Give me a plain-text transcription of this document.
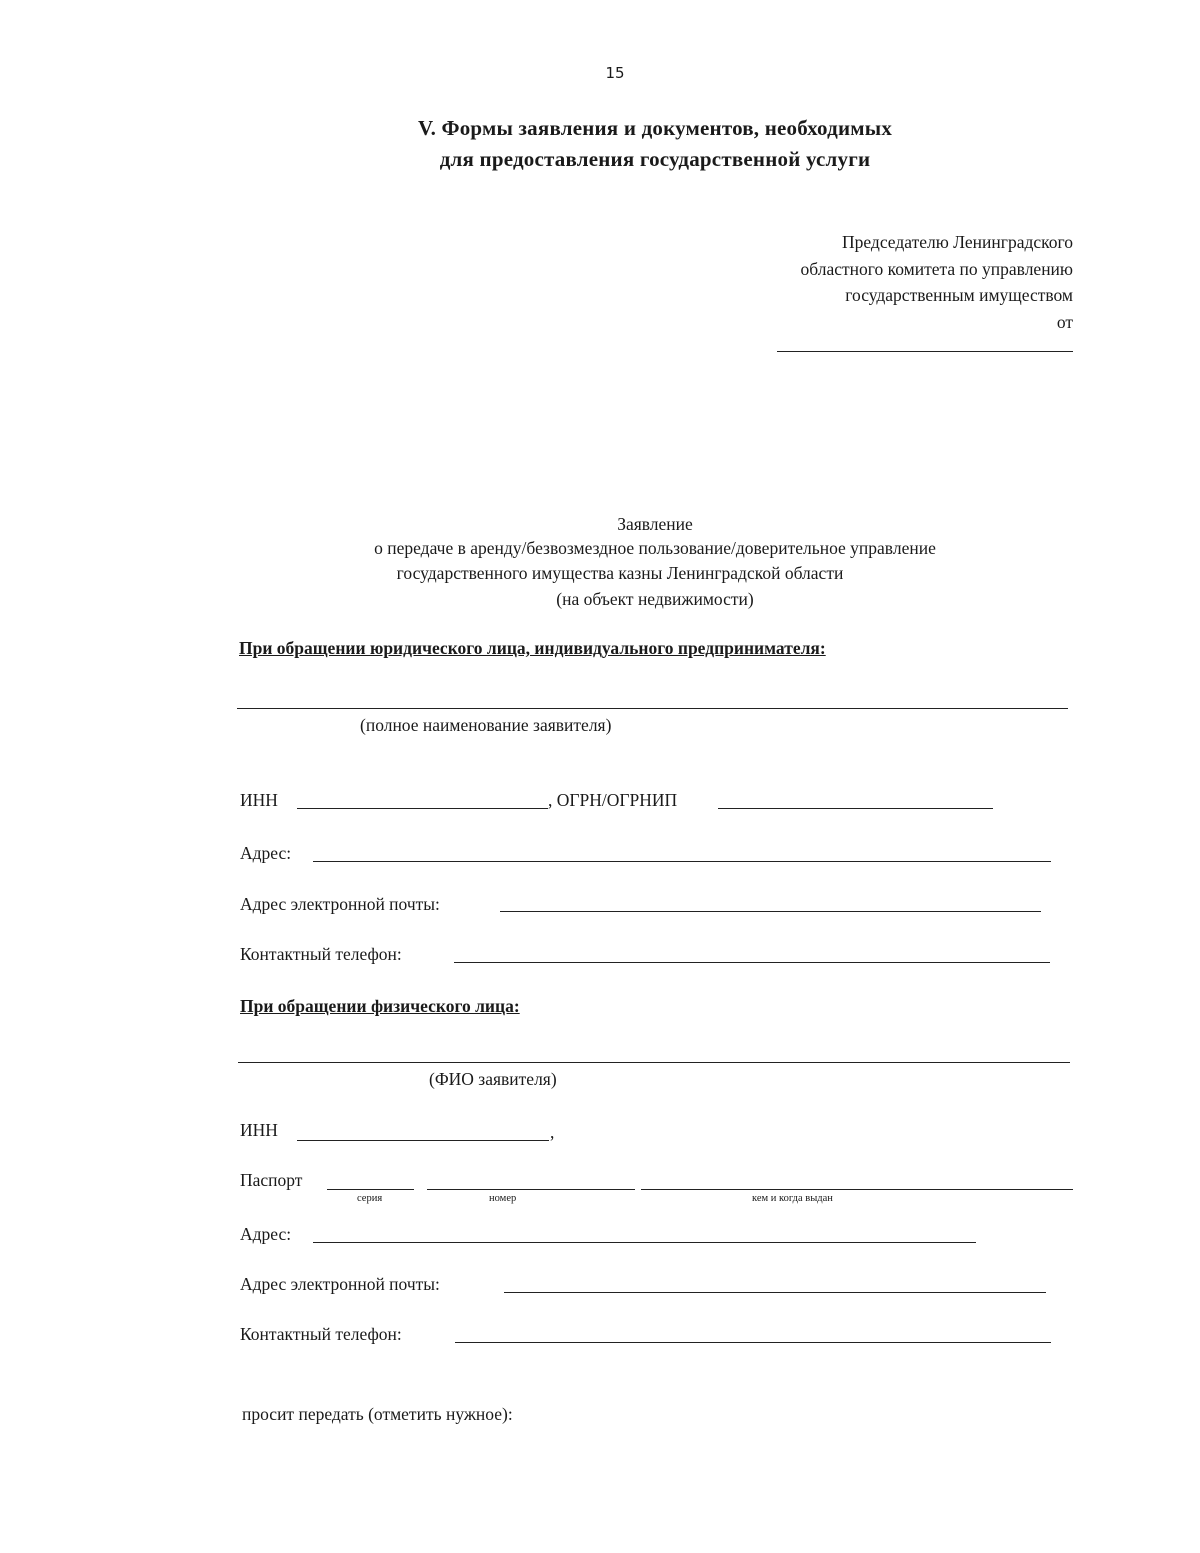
15
V. Формы заявления и документов, необходимых
для предоставления государственной услуги
Председателю Ленинградского
областного комитета по управлению
государственным имуществом
от
Заявление
о передаче в аренду/безвозмездное пользование/доверительное управление
государственного имущества казны Ленинградской области
(на объект недвижимости)
При обращении юридического лица, индивидуального предпринимателя:
(полное наименование заявителя)
ИНН	, ОГРН/ОГРНИП
Адрес:
Адрес электронной почты:
Контактный телефон:
При обращении физического лица:
(ФИО заявителя)
ИНН	,
Паспорт
серия	номер	кем и когда выдан
Адрес:
Адрес электронной почты:
Контактный телефон:
просит передать (отметить нужное):
